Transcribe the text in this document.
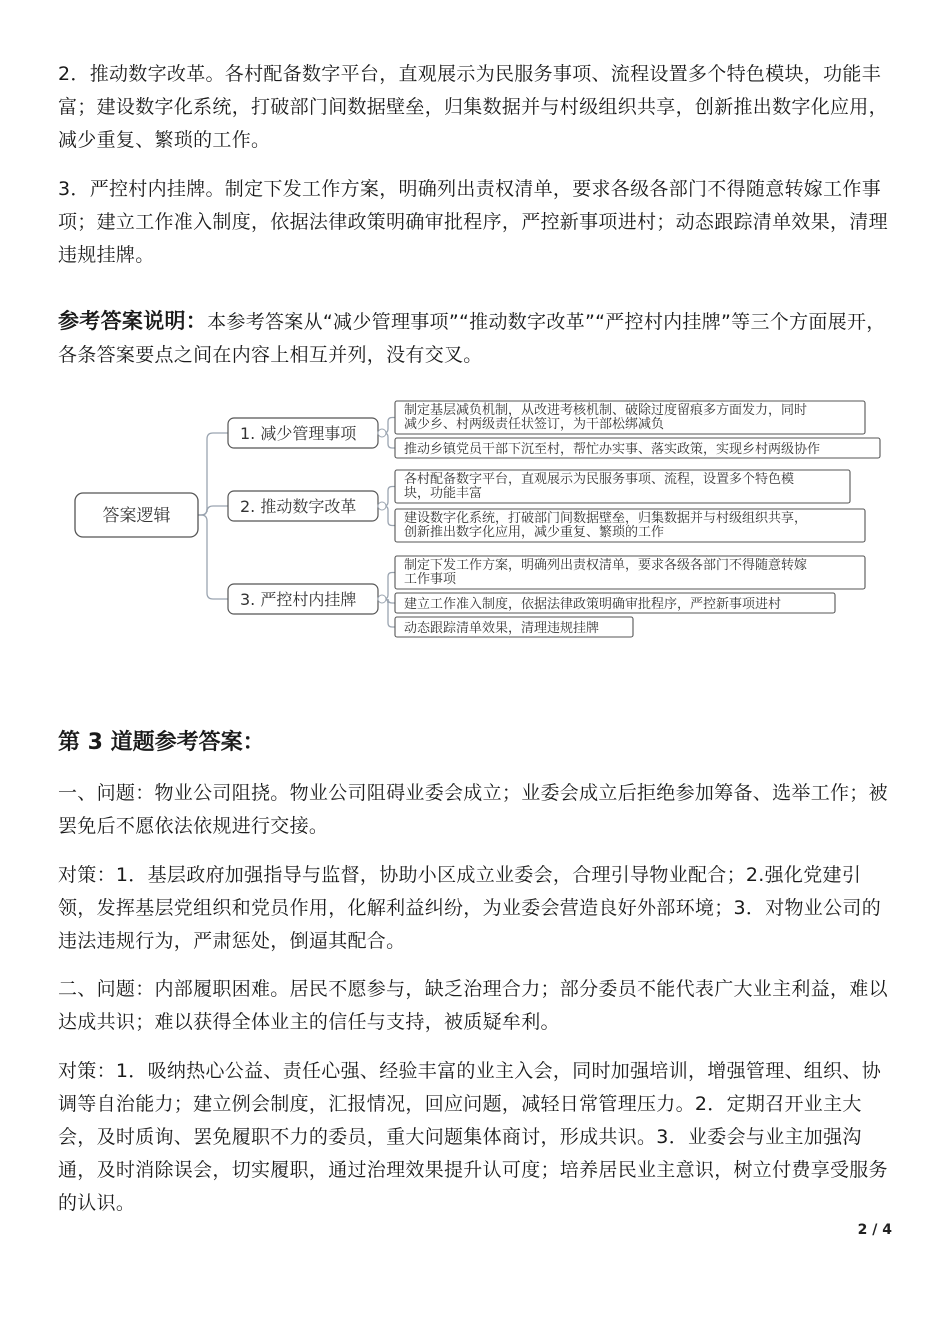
2．推动数字改革。各村配备数字平台，直观展示为民服务事项、流程设置多个特色模块，功能丰富；建设数字化系统，打破部门间数据壁垒，归集数据并与村级组织共享，创新推出数字化应用，减少重复、繁琐的工作。

3．严控村内挂牌。制定下发工作方案，明确列出责权清单，要求各级各部门不得随意转嫁工作事项；建立工作准入制度，依据法律政策明确审批程序，严控新事项进村；动态跟踪清单效果，清理违规挂牌。

参考答案说明：本参考答案从“减少管理事项”“推动数字改革”“严控村内挂牌”等三个方面展开，各条答案要点之间在内容上相互并列，没有交叉。

答案逻辑
1. 减少管理事项
制定基层减负机制，从改进考核机制、破除过度留痕多方面发力，同时
减少乡、村两级责任状签订，为干部松绑减负
推动乡镇党员干部下沉至村，帮忙办实事、落实政策，实现乡村两级协作
2. 推动数字改革
各村配备数字平台，直观展示为民服务事项、流程，设置多个特色模
块，功能丰富
建设数字化系统，打破部门间数据壁垒，归集数据并与村级组织共享，
创新推出数字化应用，减少重复、繁琐的工作
3. 严控村内挂牌
制定下发工作方案，明确列出责权清单，要求各级各部门不得随意转嫁
工作事项
建立工作准入制度，依据法律政策明确审批程序，严控新事项进村
动态跟踪清单效果，清理违规挂牌
第 3 道题参考答案：

一、问题：物业公司阻挠。物业公司阻碍业委会成立；业委会成立后拒绝参加筹备、选举工作；被罢免后不愿依法依规进行交接。

对策：1．基层政府加强指导与监督，协助小区成立业委会，合理引导物业配合；2.强化党建引领，发挥基层党组织和党员作用，化解利益纠纷，为业委会营造良好外部环境；3．对物业公司的违法违规行为，严肃惩处，倒逼其配合。

二、问题：内部履职困难。居民不愿参与，缺乏治理合力；部分委员不能代表广大业主利益，难以达成共识；难以获得全体业主的信任与支持，被质疑牟利。

对策：1．吸纳热心公益、责任心强、经验丰富的业主入会，同时加强培训，增强管理、组织、协调等自治能力；建立例会制度，汇报情况，回应问题，减轻日常管理压力。2．定期召开业主大会，及时质询、罢免履职不力的委员，重大问题集体商讨，形成共识。3．业委会与业主加强沟通，及时消除误会，切实履职，通过治理效果提升认可度；培养居民业主意识，树立付费享受服务的认识。

2 / 4
